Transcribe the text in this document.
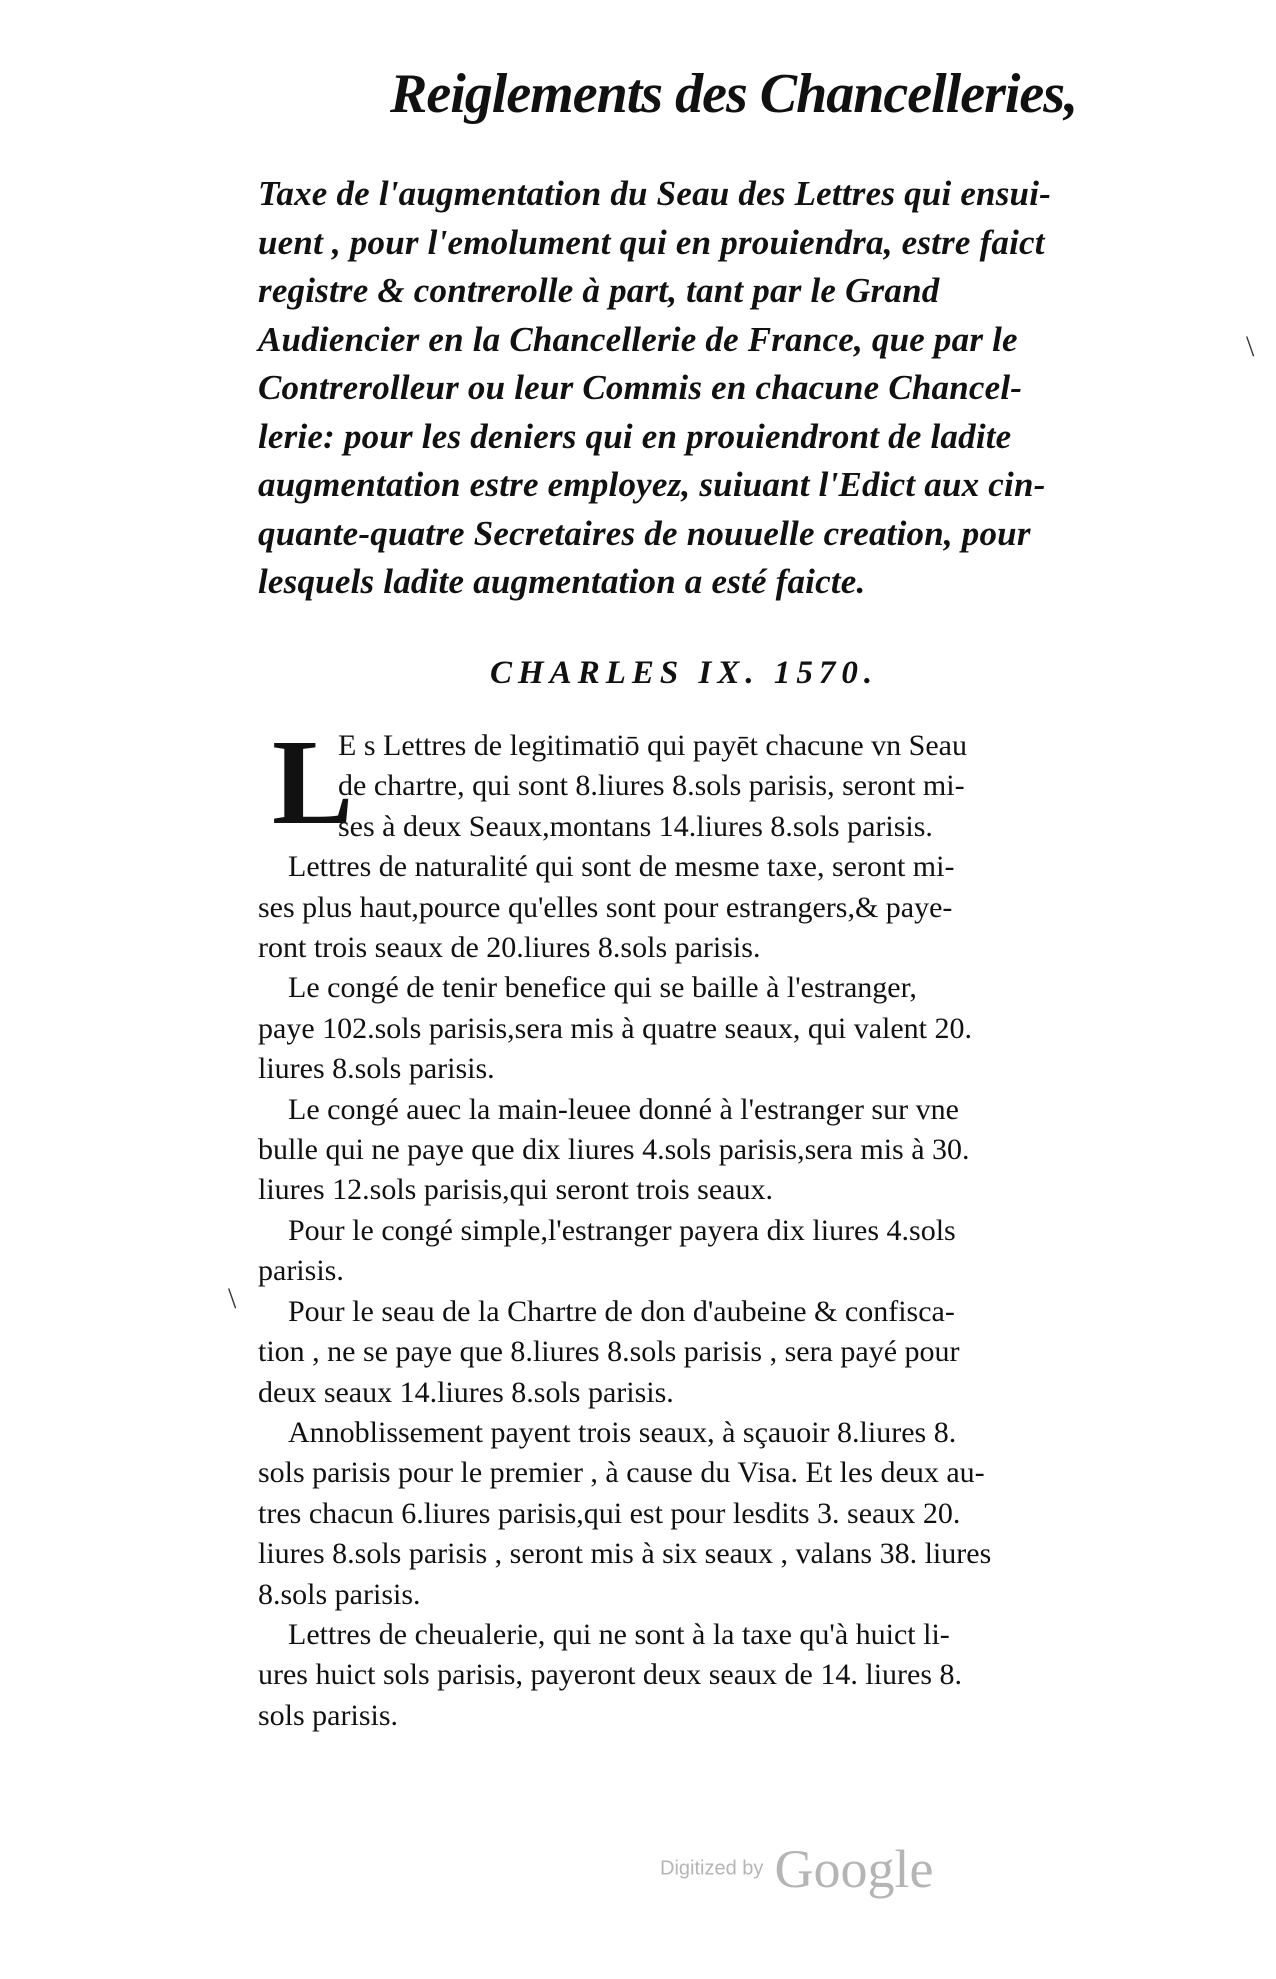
Reiglements des Chancelleries,
Taxe de l'augmentation du Seau des Lettres qui ensui-
uent , pour l'emolument qui en prouiendra, estre faict
registre & contrerolle à part, tant par le Grand
Audiencier en la Chancellerie de France, que par le
Contrerolleur ou leur Commis en chacune Chancel-
lerie: pour les deniers qui en prouiendront de ladite
augmentation estre employez, suiuant l'Edict aux cin-
quante-quatre Secretaires de nouuelle creation, pour
lesquels ladite augmentation a esté faicte.
CHARLES IX. 1570.
L
E s Lettres de legitimatiō qui payēt chacune vn Seau
de chartre, qui sont 8.liures 8.sols parisis, seront mi-
ses à deux Seaux,montans 14.liures 8.sols parisis.
Lettres de naturalité qui sont de mesme taxe, seront mi-
ses plus haut,pource qu'elles sont pour estrangers,& paye-
ront trois seaux de 20.liures 8.sols parisis.
Le congé de tenir benefice qui se baille à l'estranger,
paye 102.sols parisis,sera mis à quatre seaux, qui valent 20.
liures 8.sols parisis.
Le congé auec la main-leuee donné à l'estranger sur vne
bulle qui ne paye que dix liures 4.sols parisis,sera mis à 30.
liures 12.sols parisis,qui seront trois seaux.
Pour le congé simple,l'estranger payera dix liures 4.sols
parisis.
Pour le seau de la Chartre de don d'aubeine & confisca-
tion , ne se paye que 8.liures 8.sols parisis , sera payé pour
deux seaux 14.liures 8.sols parisis.
Annoblissement payent trois seaux, à sçauoir 8.liures 8.
sols parisis pour le premier , à cause du Visa. Et les deux au-
tres chacun 6.liures parisis,qui est pour lesdits 3. seaux 20.
liures 8.sols parisis , seront mis à six seaux , valans 38. liures
8.sols parisis.
Lettres de cheualerie, qui ne sont à la taxe qu'à huict li-
ures huict sols parisis, payeront deux seaux de 14. liures 8.
sols parisis.
\
\
Digitized by Google
